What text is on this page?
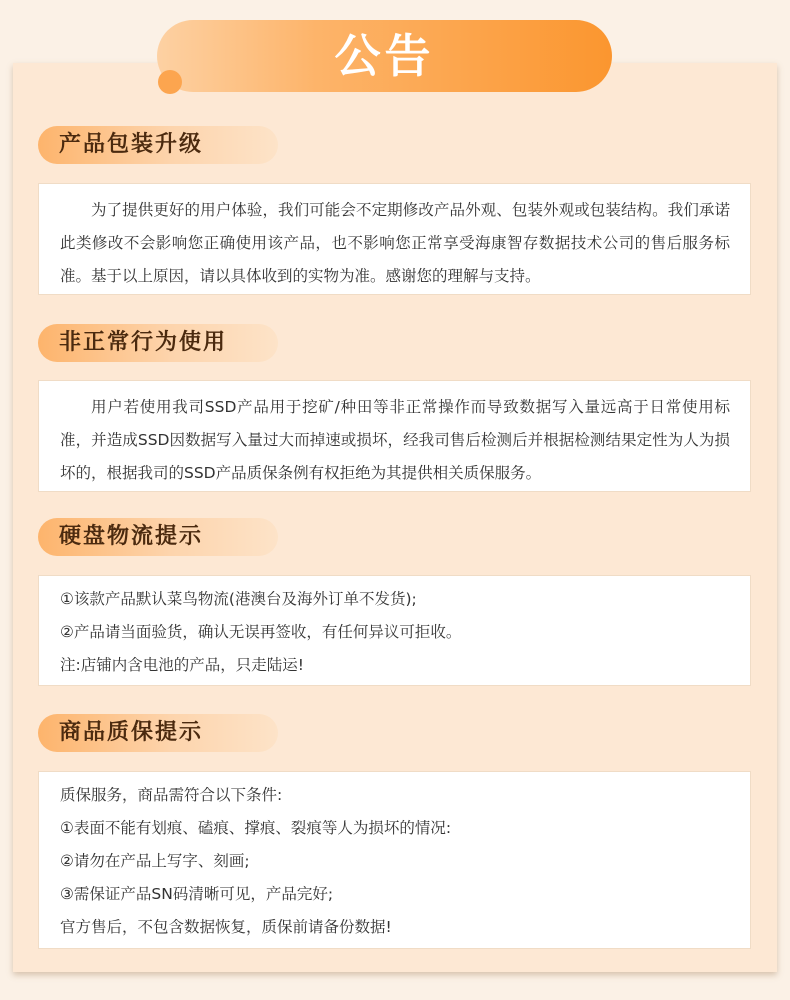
公告
产品包装升级

为了提供更好的用户体验，我们可能会不定期修改产品外观、包装外观或包装结构。我们承诺此类修改不会影响您正确使用该产品，也不影响您正常享受海康智存数据技术公司的售后服务标准。基于以上原因，请以具体收到的实物为准。感谢您的理解与支持。

非正常行为使用

用户若使用我司SSD产品用于挖矿/种田等非正常操作而导致数据写入量远高于日常使用标准，并造成SSD因数据写入量过大而掉速或损坏，经我司售后检测后并根据检测结果定性为人为损坏的，根据我司的SSD产品质保条例有权拒绝为其提供相关质保服务。

硬盘物流提示
①该款产品默认菜鸟物流(港澳台及海外订单不发货);
②产品请当面验货，确认无误再签收，有任何异议可拒收。
注:店铺内含电池的产品，只走陆运!
商品质保提示
质保服务，商品需符合以下条件:
①表面不能有划痕、磕痕、撑痕、裂痕等人为损坏的情况:
②请勿在产品上写字、刻画;
③需保证产品SN码清晰可见，产品完好;
官方售后，不包含数据恢复，质保前请备份数据!
